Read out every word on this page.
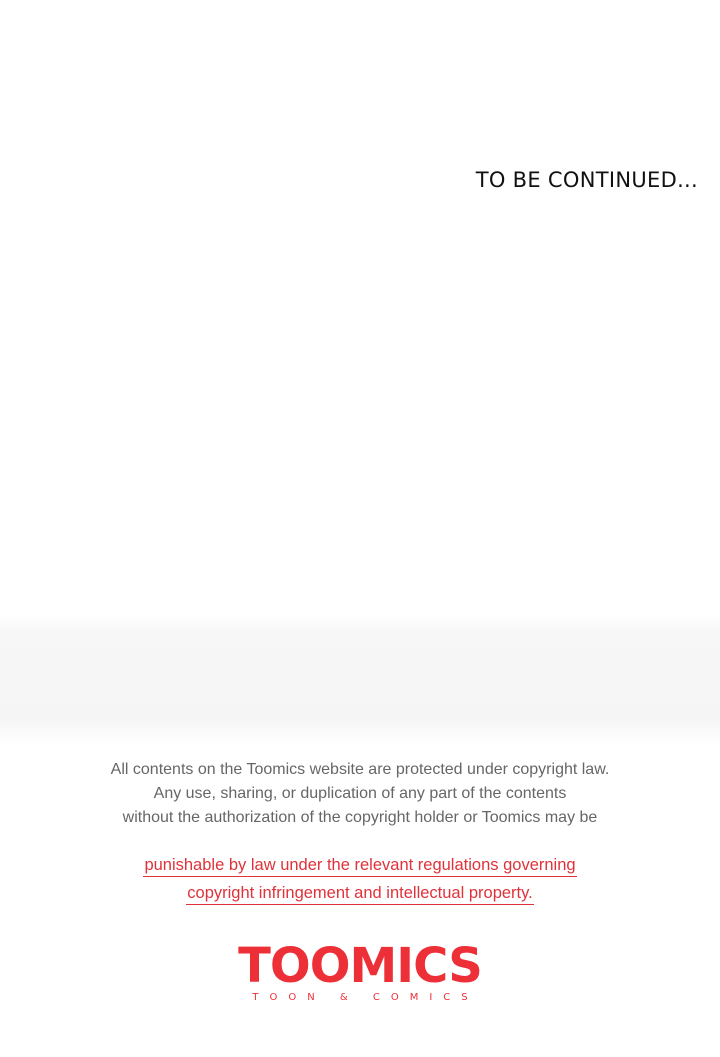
TO BE CONTINUED...
All contents on the Toomics website are protected under copyright law.
Any use, sharing, or duplication of any part of the contents
without the authorization of the copyright holder or Toomics may be
punishable by law under the relevant regulations governing
copyright infringement and intellectual property.
TOOMICS
TOON & COMICS
